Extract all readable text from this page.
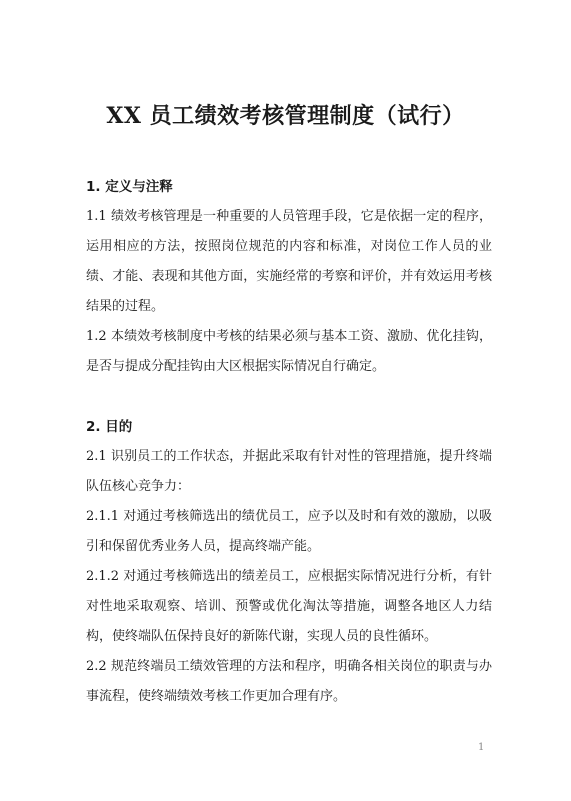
XX 员工绩效考核管理制度（试行）

1. 定义与注释

1.1 绩效考核管理是一种重要的人员管理手段，它是依据一定的程序，运用相应的方法，按照岗位规范的内容和标准，对岗位工作人员的业绩、才能、表现和其他方面，实施经常的考察和评价，并有效运用考核结果的过程。

1.2 本绩效考核制度中考核的结果必须与基本工资、激励、优化挂钩，是否与提成分配挂钩由大区根据实际情况自行确定。

2. 目的

2.1 识别员工的工作状态，并据此采取有针对性的管理措施，提升终端队伍核心竞争力：

2.1.1 对通过考核筛选出的绩优员工，应予以及时和有效的激励，以吸引和保留优秀业务人员，提高终端产能。

2.1.2 对通过考核筛选出的绩差员工，应根据实际情况进行分析，有针对性地采取观察、培训、预警或优化淘汰等措施，调整各地区人力结构，使终端队伍保持良好的新陈代谢，实现人员的良性循环。

2.2 规范终端员工绩效管理的方法和程序，明确各相关岗位的职责与办事流程，使终端绩效考核工作更加合理有序。

1
